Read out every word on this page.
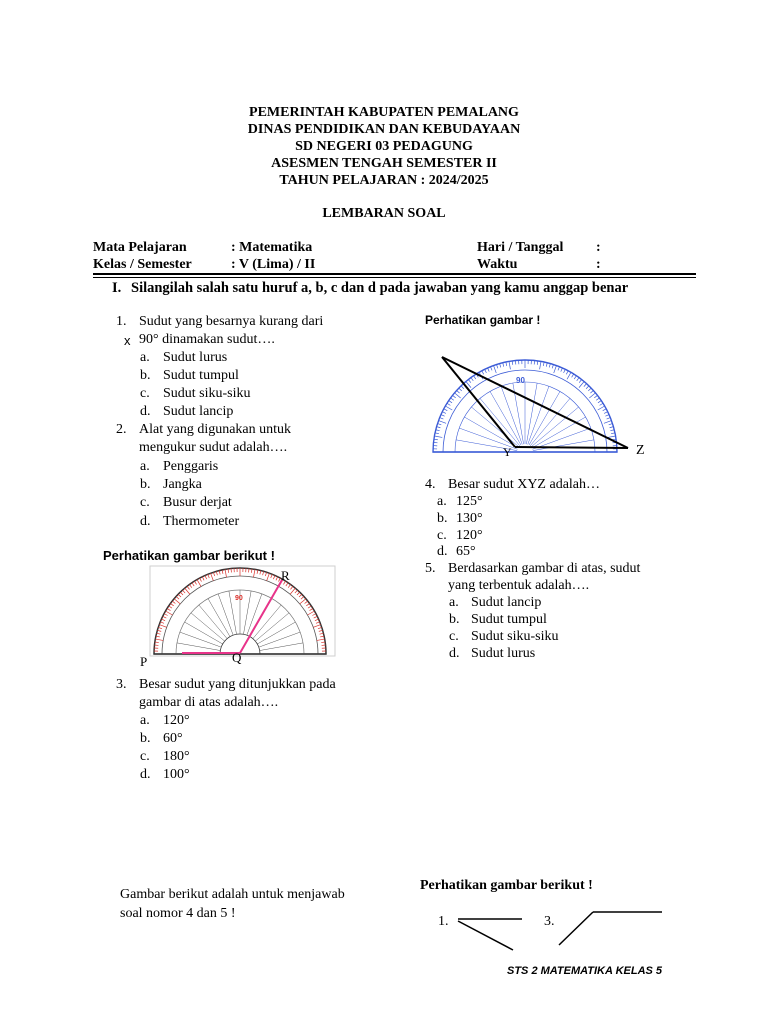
PEMERINTAH KABUPATEN PEMALANG
DINAS PENDIDIKAN DAN KEBUDAYAAN
SD NEGERI 03 PEDAGUNG
ASESMEN TENGAH SEMESTER II
TAHUN PELAJARAN : 2024/2025
LEMBARAN SOAL
Mata Pelajaran	: Matematika	Hari / Tanggal :
Kelas / Semester	: V (Lima) / II	Waktu	:
I. Silangilah salah satu huruf a, b, c dan d pada jawaban yang kamu anggap benar
1. Sudut yang besarnya kurang dari
x 90° dinamakan sudut….
a. Sudut lurus
b. Sudut tumpul
c. Sudut siku-siku
d. Sudut lancip
2. Alat yang digunakan untuk
mengukur sudut adalah….
a. Penggaris
b. Jangka
c. Busur derjat
d. Thermometer
Perhatikan gambar berikut !
90
R
P	Q
3. Besar sudut yang ditunjukkan pada
gambar di atas adalah….
a. 120°
b. 60°
c. 180°
d. 100°
Perhatikan gambar !
90
Y	Z
4. Besar sudut XYZ adalah…
a. 125°
b. 130°
c. 120°
d. 65°
5. Berdasarkan gambar di atas, sudut
yang terbentuk adalah….
a. Sudut lancip
b. Sudut tumpul
c. Sudut siku-siku
d. Sudut lurus
Gambar berikut adalah untuk menjawab
soal nomor 4 dan 5 !
Perhatikan gambar berikut !
1.	3.
STS 2 MATEMATIKA KELAS 5
